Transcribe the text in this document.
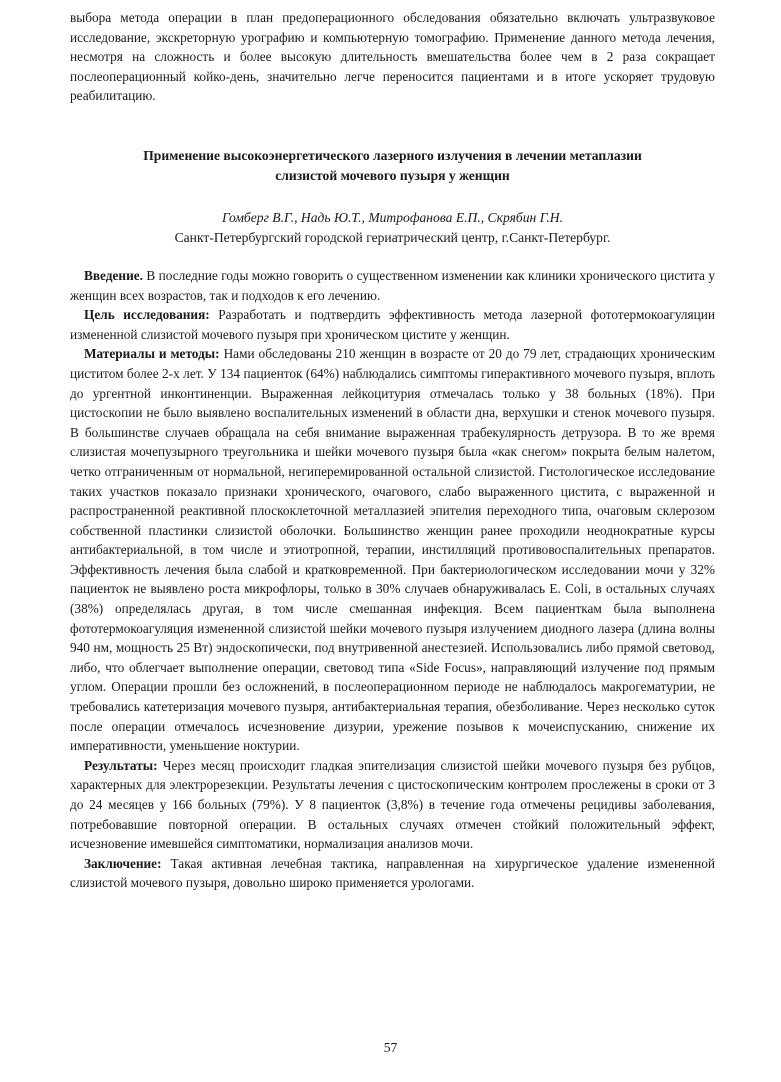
выбора метода операции в план предоперационного обследования обязательно включать ультразвуковое исследование, экскреторную урографию и компьютерную томографию. Применение данного метода лечения, несмотря на сложность и более высокую длительность вмешательства более чем в 2 раза сокращает послеоперационный койко-день, значительно легче переносится пациентами и в итоге ускоряет трудовую реабилитацию.

Применение высокоэнергетического лазерного излучения в лечении метаплазии
слизистой мочевого пузыря у женщин
Гомберг В.Г., Надь Ю.Т., Митрофанова Е.П., Скрябин Г.Н.
Санкт-Петербургский городской гериатрический центр, г.Санкт-Петербург.

Введение. В последние годы можно говорить о существенном изменении как клиники хронического цистита у женщин всех возрастов, так и подходов к его лечению.

Цель исследования: Разработать и подтвердить эффективность метода лазерной фототермокоагуляции измененной слизистой мочевого пузыря при хроническом цистите у женщин.

Материалы и методы: Нами обследованы 210 женщин в возрасте от 20 до 79 лет, страдающих хроническим циститом более 2-х лет. У 134 пациенток (64%) наблюдались симптомы гиперактивного мочевого пузыря, вплоть до ургентной инконтиненции. Выраженная лейкоцитурия отмечалась только у 38 больных (18%). При цистоскопии не было выявлено воспалительных изменений в области дна, верхушки и стенок мочевого пузыря. В большинстве случаев обращала на себя внимание выраженная трабекулярность детрузора. В то же время слизистая мочепузырного треугольника и шейки мочевого пузыря была «как снегом» покрыта белым налетом, четко отграниченным от нормальной, негиперемированной остальной слизистой. Гистологическое исследование таких участков показало признаки хронического, очагового, слабо выраженного цистита, с выраженной и распространенной реактивной плоскоклеточной металлазией эпителия переходного типа, очаговым склерозом собственной пластинки слизистой оболочки. Большинство женщин ранее проходили неоднократные курсы антибактериальной, в том числе и этиотропной, терапии, инстилляций противовоспалительных препаратов. Эффективность лечения была слабой и кратковременной. При бактериологическом исследовании мочи у 32% пациенток не выявлено роста микрофлоры, только в 30% случаев обнаруживалась E. Coli, в остальных случаях (38%) определялась другая, в том числе смешанная инфекция. Всем пациенткам была выполнена фототермокоагуляция измененной слизистой шейки мочевого пузыря излучением диодного лазера (длина волны 940 нм, мощность 25 Вт) эндоскопически, под внутривенной анестезией. Использовались либо прямой световод, либо, что облегчает выполнение операции, световод типа «Side Focus», направляющий излучение под прямым углом. Операции прошли без осложнений, в послеоперационном периоде не наблюдалось макрогематурии, не требовались катетеризация мочевого пузыря, антибактериальная терапия, обезболивание. Через несколько суток после операции отмечалось исчезновение дизурии, урежение позывов к мочеиспусканию, снижение их императивности, уменьшение ноктурии.

Результаты: Через месяц происходит гладкая эпителизация слизистой шейки мочевого пузыря без рубцов, характерных для электрорезекции. Результаты лечения с цистоскопическим контролем прослежены в сроки от 3 до 24 месяцев у 166 больных (79%). У 8 пациенток (3,8%) в течение года отмечены рецидивы заболевания, потребовавшие повторной операции. В остальных случаях отмечен стойкий положительный эффект, исчезновение имевшейся симптоматики, нормализация анализов мочи.

Заключение: Такая активная лечебная тактика, направленная на хирургическое удаление измененной слизистой мочевого пузыря, довольно широко применяется урологами.

57
